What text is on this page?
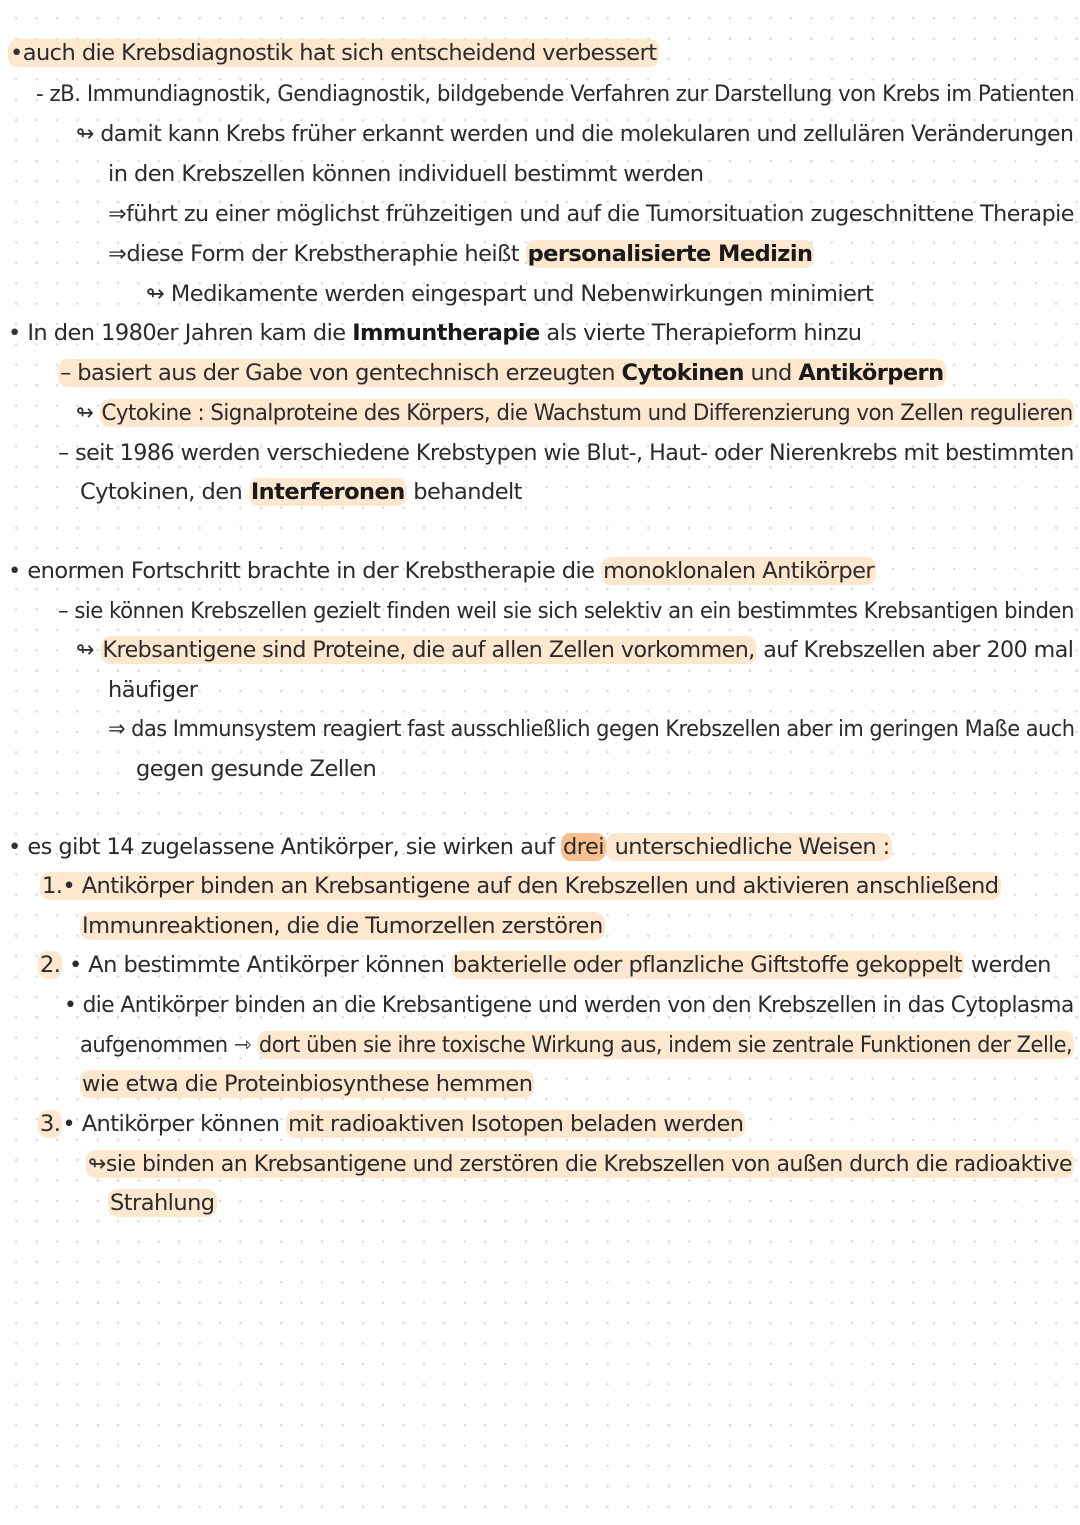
•auch die Krebsdiagnostik hat sich entscheidend verbessert
- zB. Immundiagnostik, Gendiagnostik, bildgebende Verfahren zur Darstellung von Krebs im Patienten
↬ damit kann Krebs früher erkannt werden und die molekularen und zellulären Veränderungen
in den Krebszellen können individuell bestimmt werden
⇒führt zu einer möglichst frühzeitigen und auf die Tumorsituation zugeschnittene Therapie
⇒diese Form der Krebstheraphie heißt personalisierte Medizin
↬ Medikamente werden eingespart und Nebenwirkungen minimiert
• In den 1980er Jahren kam die Immuntherapie als vierte Therapieform hinzu
– basiert aus der Gabe von gentechnisch erzeugten Cytokinen und Antikörpern
↬ Cytokine : Signalproteine des Körpers, die Wachstum und Differenzierung von Zellen regulieren
– seit 1986 werden verschiedene Krebstypen wie Blut-, Haut- oder Nierenkrebs mit bestimmten
Cytokinen, den Interferonen behandelt
• enormen Fortschritt brachte in der Krebstherapie die monoklonalen Antikörper
– sie können Krebszellen gezielt finden weil sie sich selektiv an ein bestimmtes Krebsantigen binden
↬ Krebsantigene sind Proteine, die auf allen Zellen vorkommen, auf Krebszellen aber 200 mal
häufiger
⇒ das Immunsystem reagiert fast ausschließlich gegen Krebszellen aber im geringen Maße auch
gegen gesunde Zellen
• es gibt 14 zugelassene Antikörper, sie wirken auf drei unterschiedliche Weisen :
1.• Antikörper binden an Krebsantigene auf den Krebszellen und aktivieren anschließend
Immunreaktionen, die die Tumorzellen zerstören
2. • An bestimmte Antikörper können bakterielle oder pflanzliche Giftstoffe gekoppelt werden
• die Antikörper binden an die Krebsantigene und werden von den Krebszellen in das Cytoplasma
aufgenommen ⇾ dort üben sie ihre toxische Wirkung aus, indem sie zentrale Funktionen der Zelle,
wie etwa die Proteinbiosynthese hemmen
3.• Antikörper können mit radioaktiven Isotopen beladen werden
↬sie binden an Krebsantigene und zerstören die Krebszellen von außen durch die radioaktive
Strahlung
